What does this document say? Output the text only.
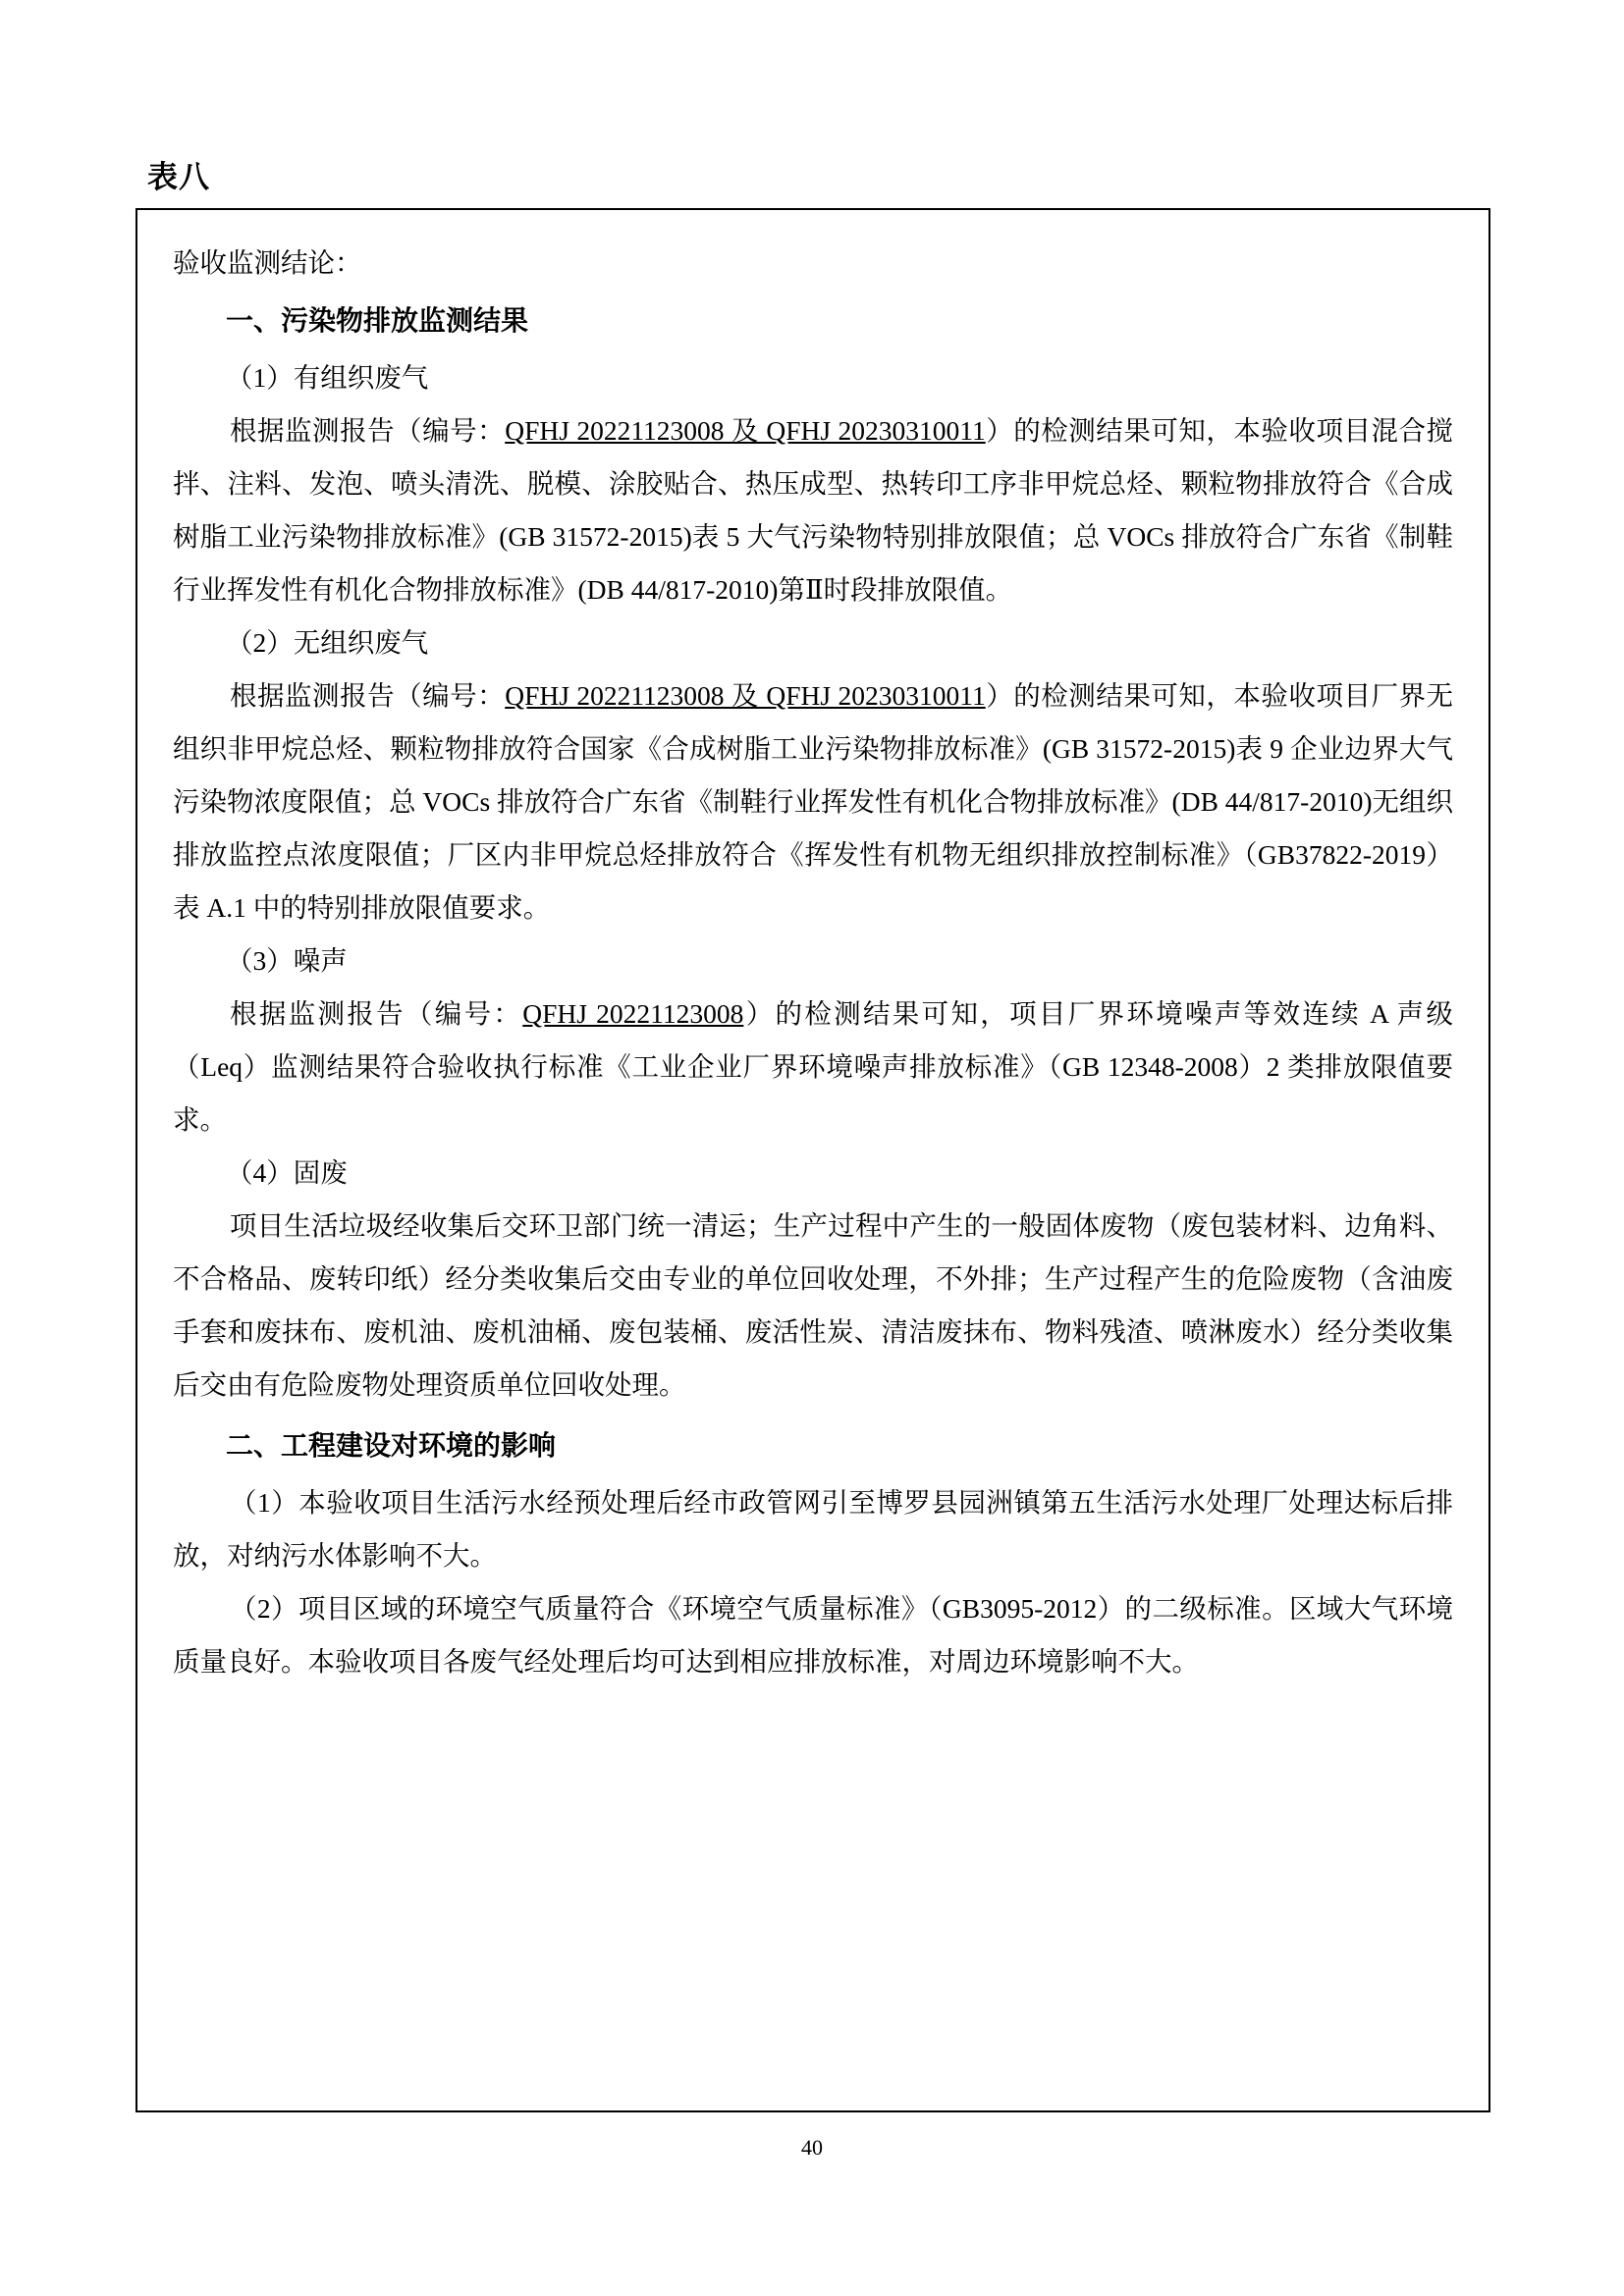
表八
验收监测结论：
一、污染物排放监测结果
（1）有组织废气

根据监测报告（编号：QFHJ 20221123008 及 QFHJ 20230310011）的检测结果可知，本验收项目混合搅拌、注料、发泡、喷头清洗、脱模、涂胶贴合、热压成型、热转印工序非甲烷总烃、颗粒物排放符合《合成树脂工业污染物排放标准》(GB 31572-2015)表 5 大气污染物特别排放限值；总 VOCs 排放符合广东省《制鞋行业挥发性有机化合物排放标准》(DB 44/817-2010)第Ⅱ时段排放限值。

（2）无组织废气

根据监测报告（编号：QFHJ 20221123008 及 QFHJ 20230310011）的检测结果可知，本验收项目厂界无组织非甲烷总烃、颗粒物排放符合国家《合成树脂工业污染物排放标准》(GB 31572-2015)表 9 企业边界大气污染物浓度限值；总 VOCs 排放符合广东省《制鞋行业挥发性有机化合物排放标准》(DB 44/817-2010)无组织排放监控点浓度限值；厂区内非甲烷总烃排放符合《挥发性有机物无组织排放控制标准》（GB37822-2019）表 A.1 中的特别排放限值要求。

（3）噪声

根据监测报告（编号：QFHJ 20221123008）的检测结果可知，项目厂界环境噪声等效连续 A 声级（Leq）监测结果符合验收执行标准《工业企业厂界环境噪声排放标准》（GB 12348-2008）2 类排放限值要求。

（4）固废

项目生活垃圾经收集后交环卫部门统一清运；生产过程中产生的一般固体废物（废包装材料、边角料、不合格品、废转印纸）经分类收集后交由专业的单位回收处理，不外排；生产过程产生的危险废物（含油废手套和废抹布、废机油、废机油桶、废包装桶、废活性炭、清洁废抹布、物料残渣、喷淋废水）经分类收集后交由有危险废物处理资质单位回收处理。

二、工程建设对环境的影响

（1）本验收项目生活污水经预处理后经市政管网引至博罗县园洲镇第五生活污水处理厂处理达标后排放，对纳污水体影响不大。

（2）项目区域的环境空气质量符合《环境空气质量标准》（GB3095-2012）的二级标准。区域大气环境质量良好。本验收项目各废气经处理后均可达到相应排放标准，对周边环境影响不大。

40
